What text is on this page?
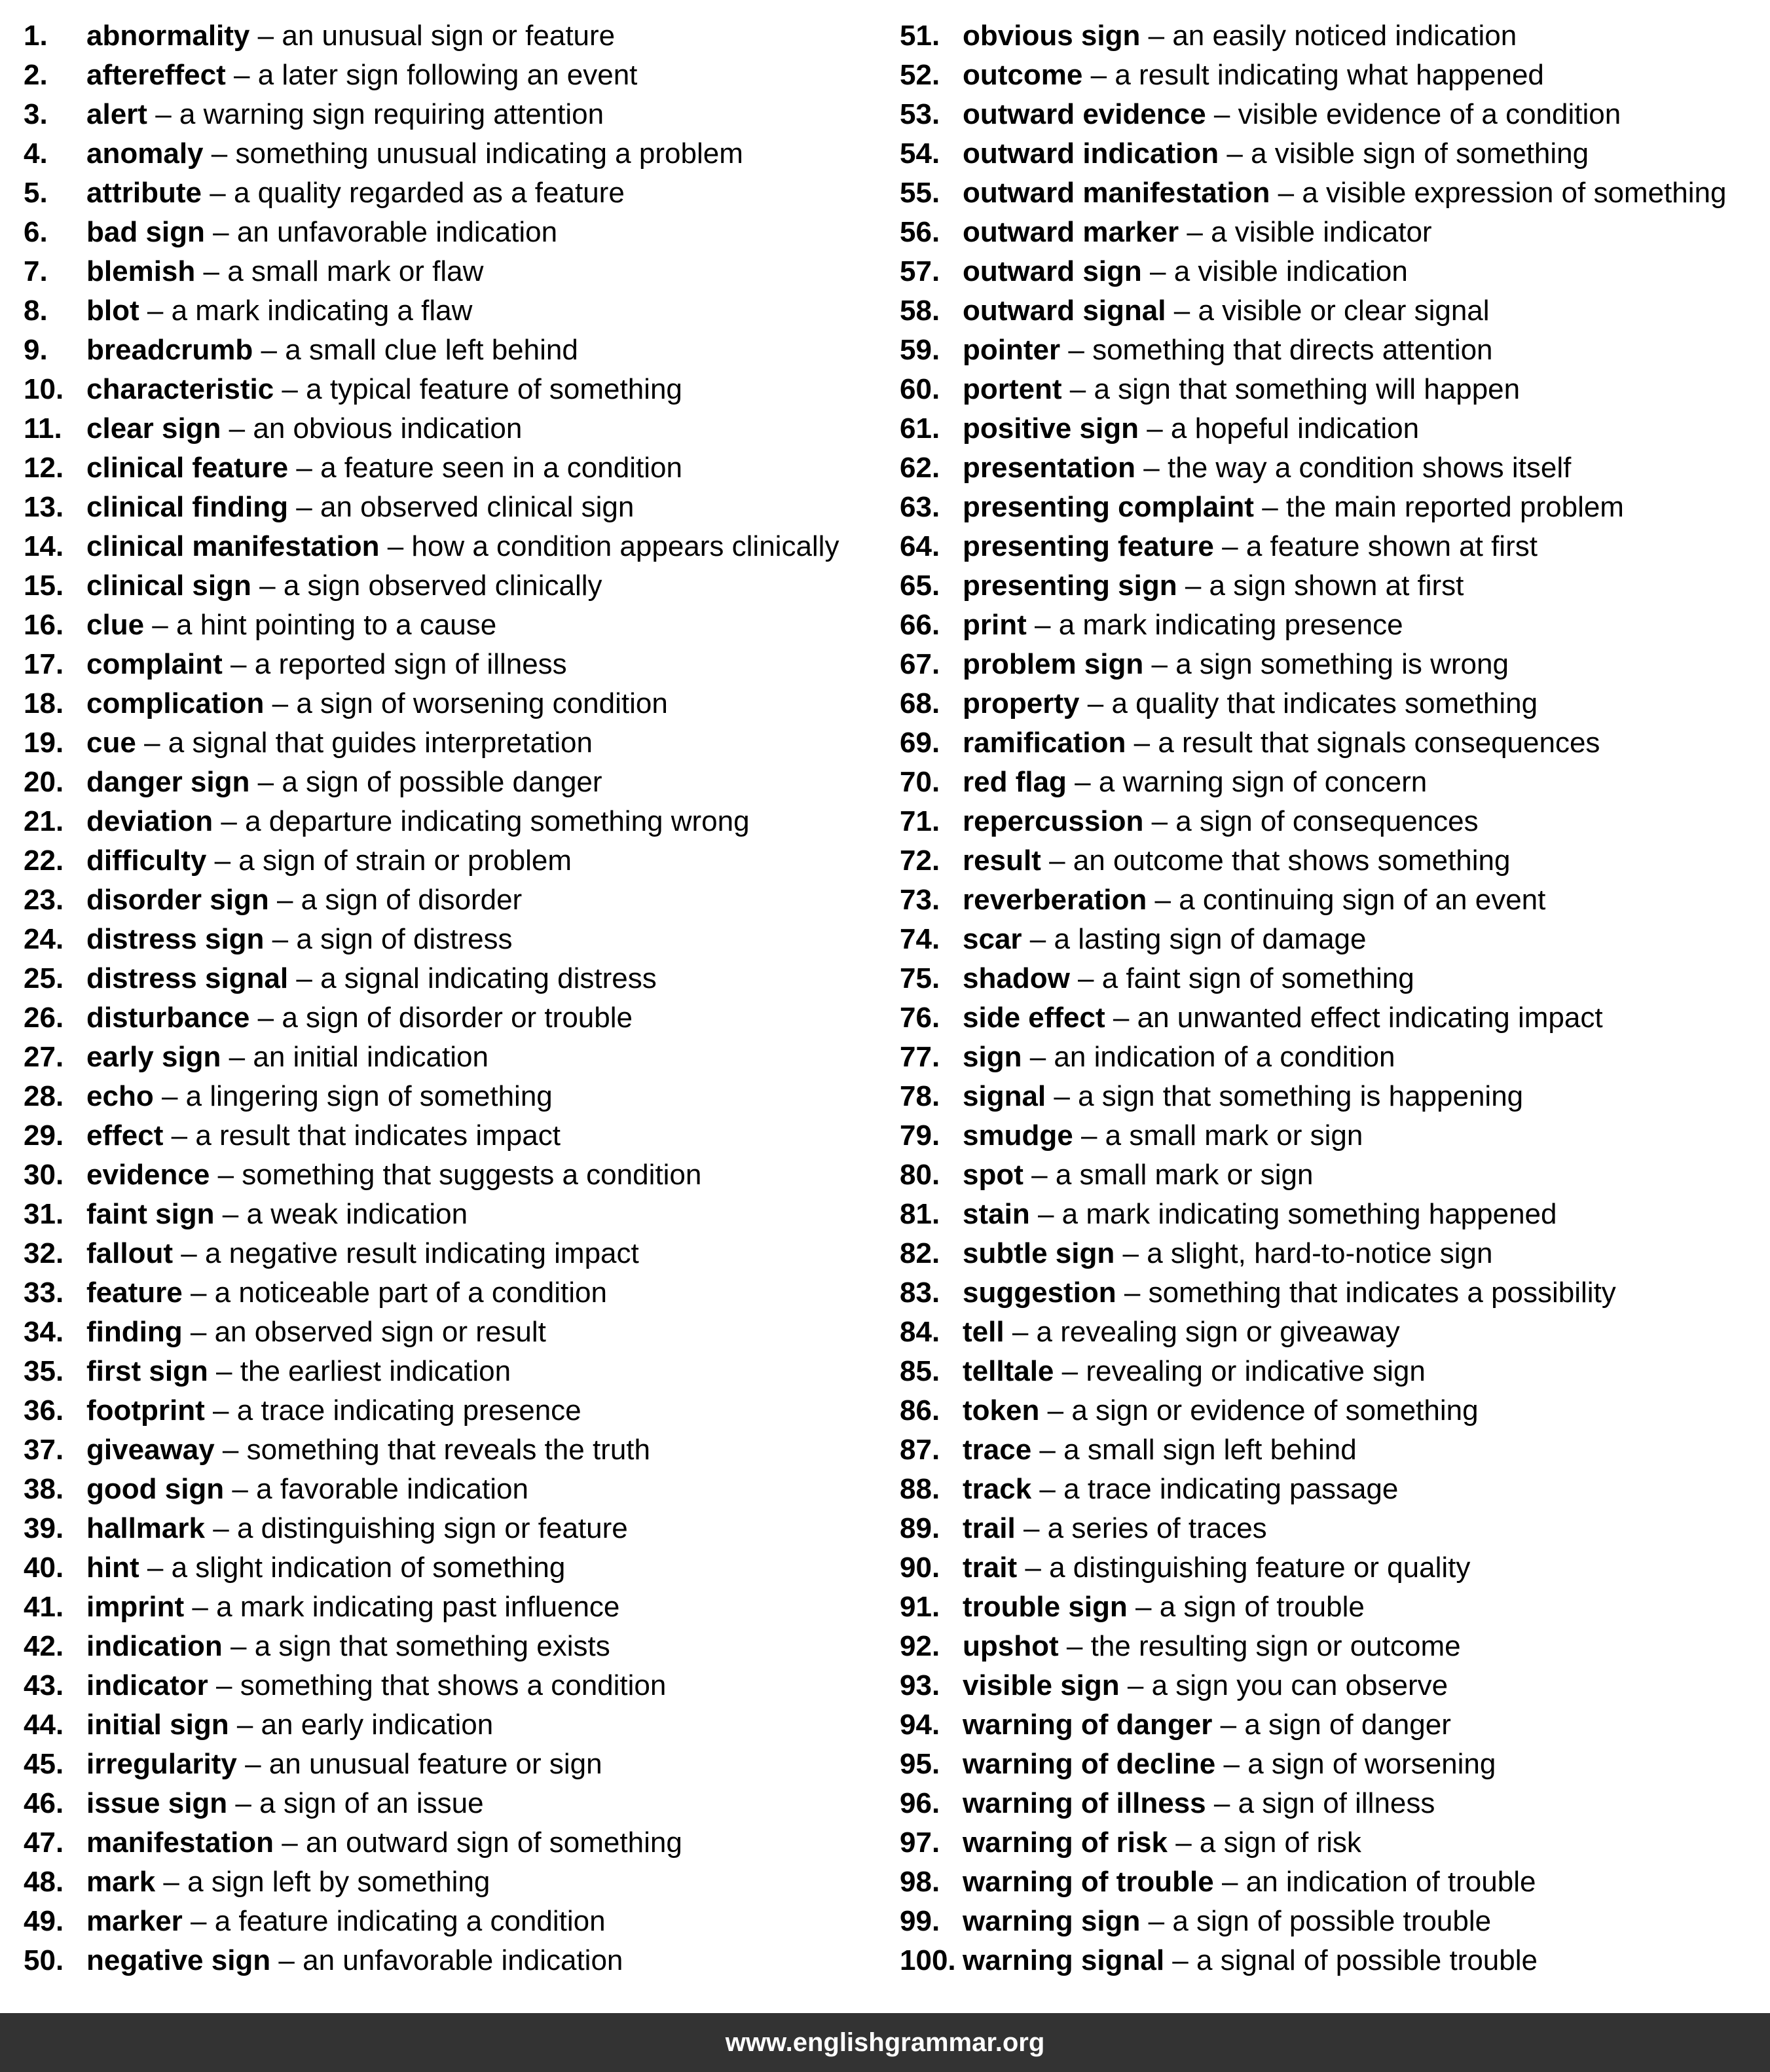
1.	abnormality – an unusual sign or feature
2.	aftereffect – a later sign following an event
3.	alert – a warning sign requiring attention
4.	anomaly – something unusual indicating a problem
5.	attribute – a quality regarded as a feature
6.	bad sign – an unfavorable indication
7.	blemish – a small mark or flaw
8.	blot – a mark indicating a flaw
9.	breadcrumb – a small clue left behind
10. characteristic – a typical feature of something
11. clear sign – an obvious indication
12. clinical feature – a feature seen in a condition
13. clinical finding – an observed clinical sign
14. clinical manifestation – how a condition appears clinically
15. clinical sign – a sign observed clinically
16. clue – a hint pointing to a cause
17. complaint – a reported sign of illness
18. complication – a sign of worsening condition
19. cue – a signal that guides interpretation
20. danger sign – a sign of possible danger
21. deviation – a departure indicating something wrong
22. difficulty – a sign of strain or problem
23. disorder sign – a sign of disorder
24. distress sign – a sign of distress
25. distress signal – a signal indicating distress
26. disturbance – a sign of disorder or trouble
27. early sign – an initial indication
28. echo – a lingering sign of something
29. effect – a result that indicates impact
30. evidence – something that suggests a condition
31. faint sign – a weak indication
32. fallout – a negative result indicating impact
33. feature – a noticeable part of a condition
34. finding – an observed sign or result
35. first sign – the earliest indication
36. footprint – a trace indicating presence
37. giveaway – something that reveals the truth
38. good sign – a favorable indication
39. hallmark – a distinguishing sign or feature
40. hint – a slight indication of something
41. imprint – a mark indicating past influence
42. indication – a sign that something exists
43. indicator – something that shows a condition
44. initial sign – an early indication
45. irregularity – an unusual feature or sign
46. issue sign – a sign of an issue
47. manifestation – an outward sign of something
48. mark – a sign left by something
49. marker – a feature indicating a condition
50. negative sign – an unfavorable indication
51. obvious sign – an easily noticed indication
52. outcome – a result indicating what happened
53. outward evidence – visible evidence of a condition
54. outward indication – a visible sign of something
55. outward manifestation – a visible expression of something
56. outward marker – a visible indicator
57. outward sign – a visible indication
58. outward signal – a visible or clear signal
59. pointer – something that directs attention
60. portent – a sign that something will happen
61. positive sign – a hopeful indication
62. presentation – the way a condition shows itself
63. presenting complaint – the main reported problem
64. presenting feature – a feature shown at first
65. presenting sign – a sign shown at first
66. print – a mark indicating presence
67. problem sign – a sign something is wrong
68. property – a quality that indicates something
69. ramification – a result that signals consequences
70. red flag – a warning sign of concern
71. repercussion – a sign of consequences
72. result – an outcome that shows something
73. reverberation – a continuing sign of an event
74. scar – a lasting sign of damage
75. shadow – a faint sign of something
76. side effect – an unwanted effect indicating impact
77. sign – an indication of a condition
78. signal – a sign that something is happening
79. smudge – a small mark or sign
80. spot – a small mark or sign
81. stain – a mark indicating something happened
82. subtle sign – a slight, hard-to-notice sign
83. suggestion – something that indicates a possibility
84. tell – a revealing sign or giveaway
85. telltale – revealing or indicative sign
86. token – a sign or evidence of something
87. trace – a small sign left behind
88. track – a trace indicating passage
89. trail – a series of traces
90. trait – a distinguishing feature or quality
91. trouble sign – a sign of trouble
92. upshot – the resulting sign or outcome
93. visible sign – a sign you can observe
94. warning of danger – a sign of danger
95. warning of decline – a sign of worsening
96. warning of illness – a sign of illness
97. warning of risk – a sign of risk
98. warning of trouble – an indication of trouble
99. warning sign – a sign of possible trouble
100. warning signal – a signal of possible trouble
www.englishgrammar.org
